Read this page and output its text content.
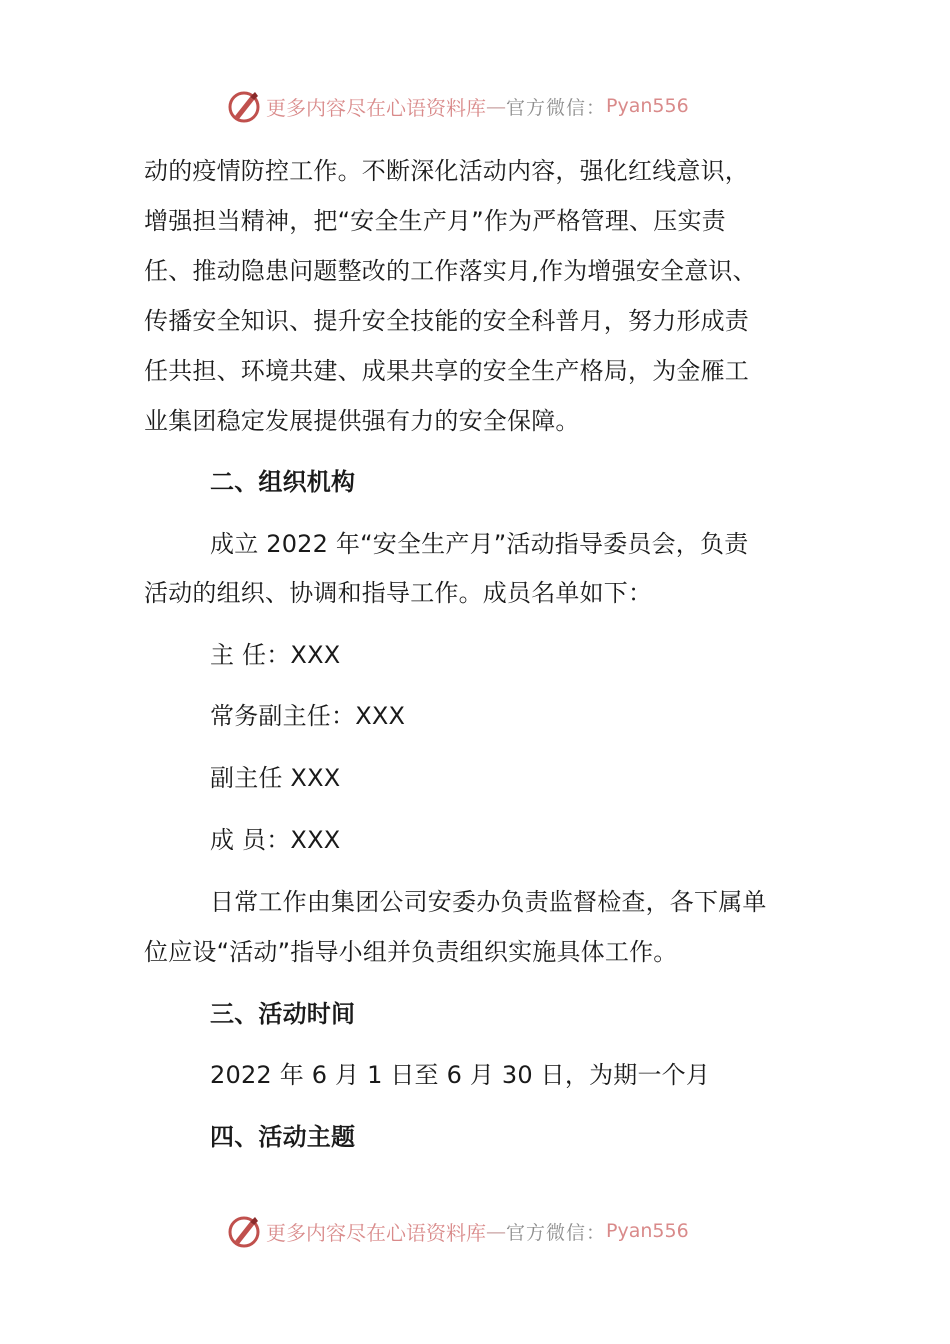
更多内容尽在心语资料库 — 官方微信： Pyan556
动的疫情防控工作。不断深化活动内容，强化红线意识，
增强担当精神，把“安全生产月”作为严格管理、压实责
任、推动隐患问题整改的工作落实月,作为增强安全意识、
传播安全知识、提升安全技能的安全科普月，努力形成责
任共担、环境共建、成果共享的安全生产格局，为金雁工
业集团稳定发展提供强有力的安全保障。
二、组织机构
成立 2022 年“安全生产月”活动指导委员会，负责
活动的组织、协调和指导工作。成员名单如下：
主 任：XXX
常务副主任：XXX
副主任 XXX
成 员：XXX
日常工作由集团公司安委办负责监督检查，各下属单
位应设“活动”指导小组并负责组织实施具体工作。
三、活动时间
2022 年 6 月 1 日至 6 月 30 日，为期一个月
四、活动主题
更多内容尽在心语资料库 — 官方微信： Pyan556
